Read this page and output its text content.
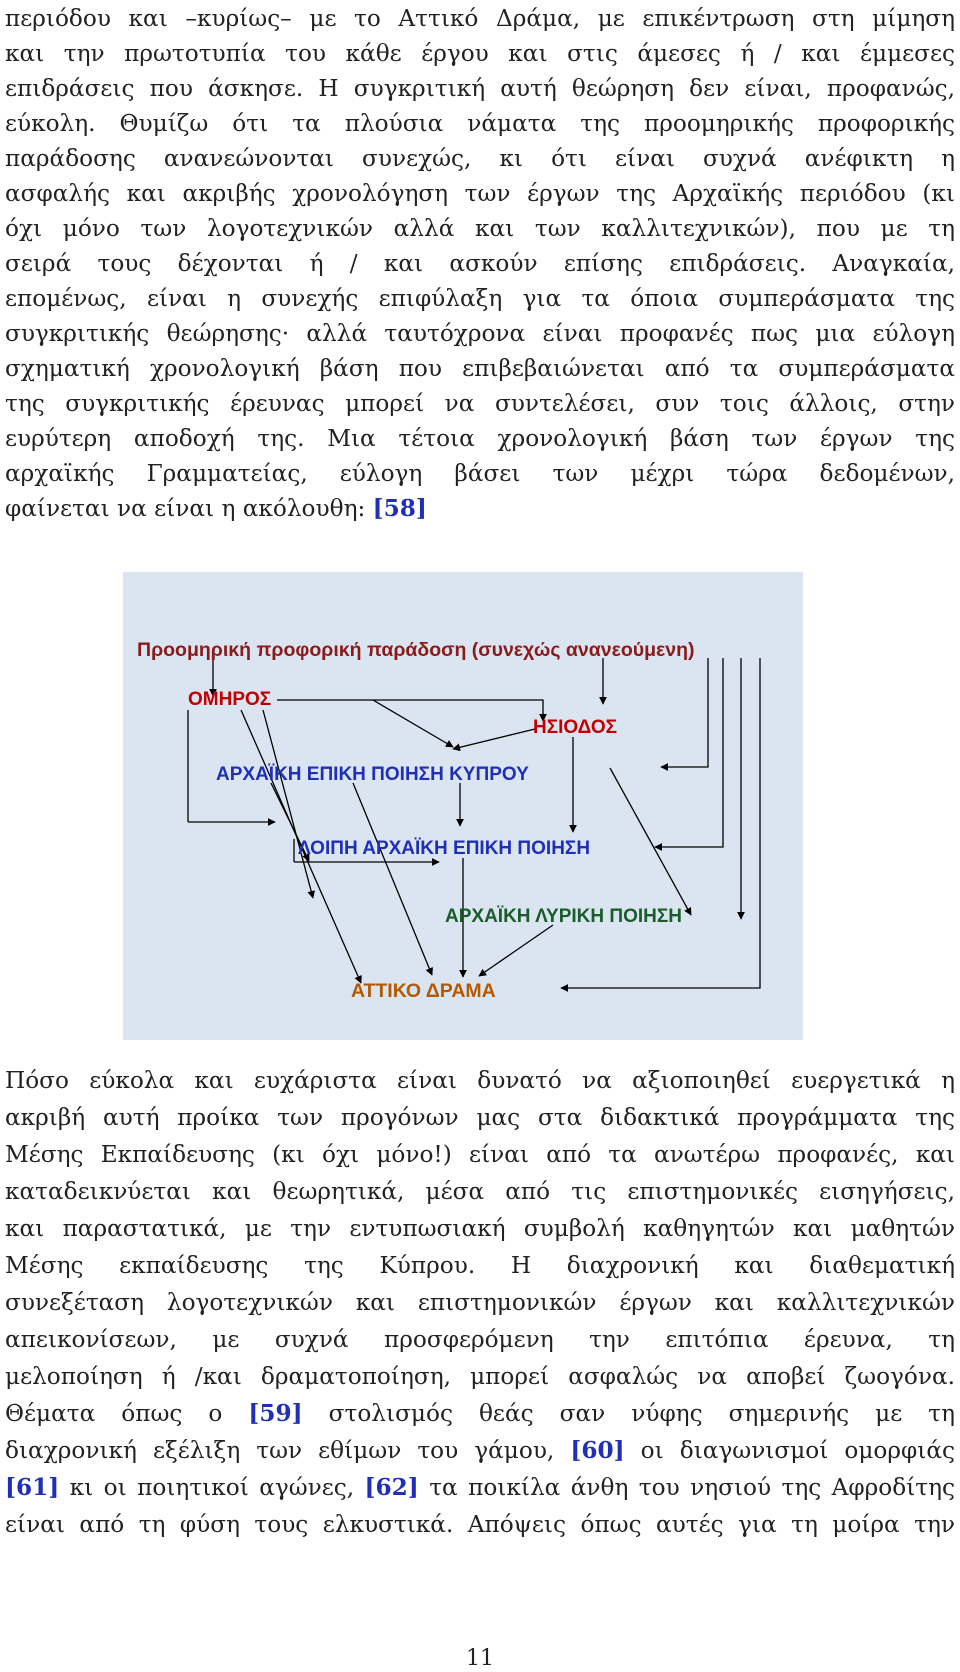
περιόδου και –κυρίως– με το Αττικό Δράμα, με επικέντρωση στη μίμηση
και την πρωτοτυπία του κάθε έργου και στις άμεσες ή / και έμμεσες
επιδράσεις που άσκησε. Η συγκριτική αυτή θεώρηση δεν είναι, προφανώς,
εύκολη. Θυμίζω ότι τα πλούσια νάματα της προομηρικής προφορικής
παράδοσης ανανεώνονται συνεχώς, κι ότι είναι συχνά ανέφικτη η
ασφαλής και ακριβής χρονολόγηση των έργων της Αρχαϊκής περιόδου (κι
όχι μόνο των λογοτεχνικών αλλά και των καλλιτεχνικών), που με τη
σειρά τους δέχονται ή / και ασκούν επίσης επιδράσεις. Αναγκαία,
επομένως, είναι η συνεχής επιφύλαξη για τα όποια συμπεράσματα της
συγκριτικής θεώρησης· αλλά ταυτόχρονα είναι προφανές πως μια εύλογη
σχηματική χρονολογική βάση που επιβεβαιώνεται από τα συμπεράσματα
της συγκριτικής έρευνας μπορεί να συντελέσει, συν τοις άλλοις, στην
ευρύτερη αποδοχή της. Μια τέτοια χρονολογική βάση των έργων της
αρχαϊκής Γραμματείας, εύλογη βάσει των μέχρι τώρα δεδομένων,
φαίνεται να είναι η ακόλουθη: [58]
Πόσο εύκολα και ευχάριστα είναι δυνατό να αξιοποιηθεί ευεργετικά η
ακριβή αυτή προίκα των προγόνων μας στα διδακτικά προγράμματα της
Μέσης Εκπαίδευσης (κι όχι μόνο!) είναι από τα ανωτέρω προφανές, και
καταδεικνύεται και θεωρητικά, μέσα από τις επιστημονικές εισηγήσεις,
και παραστατικά, με την εντυπωσιακή συμβολή καθηγητών και μαθητών
Μέσης εκπαίδευσης της Κύπρου. Η διαχρονική και διαθεματική
συνεξέταση λογοτεχνικών και επιστημονικών έργων και καλλιτεχνικών
απεικονίσεων, με συχνά προσφερόμενη την επιτόπια έρευνα, τη
μελοποίηση ή /και δραματοποίηση, μπορεί ασφαλώς να αποβεί ζωογόνα.
Θέματα όπως ο [59] στολισμός θεάς σαν νύφης σημερινής με τη
διαχρονική εξέλιξη των εθίμων του γάμου, [60] οι διαγωνισμοί ομορφιάς
[61] κι οι ποιητικοί αγώνες, [62] τα ποικίλα άνθη του νησιού της Αφροδίτης
είναι από τη φύση τους ελκυστικά. Απόψεις όπως αυτές για τη μοίρα την
Προομηρική προφορική παράδοση (συνεχώς ανανεούμενη)
ΟΜΗΡΟΣ
ΗΣΙΟΔΟΣ
ΑΡΧΑΪΚΗ ΕΠΙΚΗ ΠΟΙΗΣΗ ΚΥΠΡΟΥ
ΛΟΙΠΗ ΑΡΧΑΪΚΗ ΕΠΙΚΗ ΠΟΙΗΣΗ
ΑΡΧΑΪΚΗ ΛΥΡΙΚΗ ΠΟΙΗΣΗ
ΑΤΤΙΚΟ ΔΡΑΜΑ
11
